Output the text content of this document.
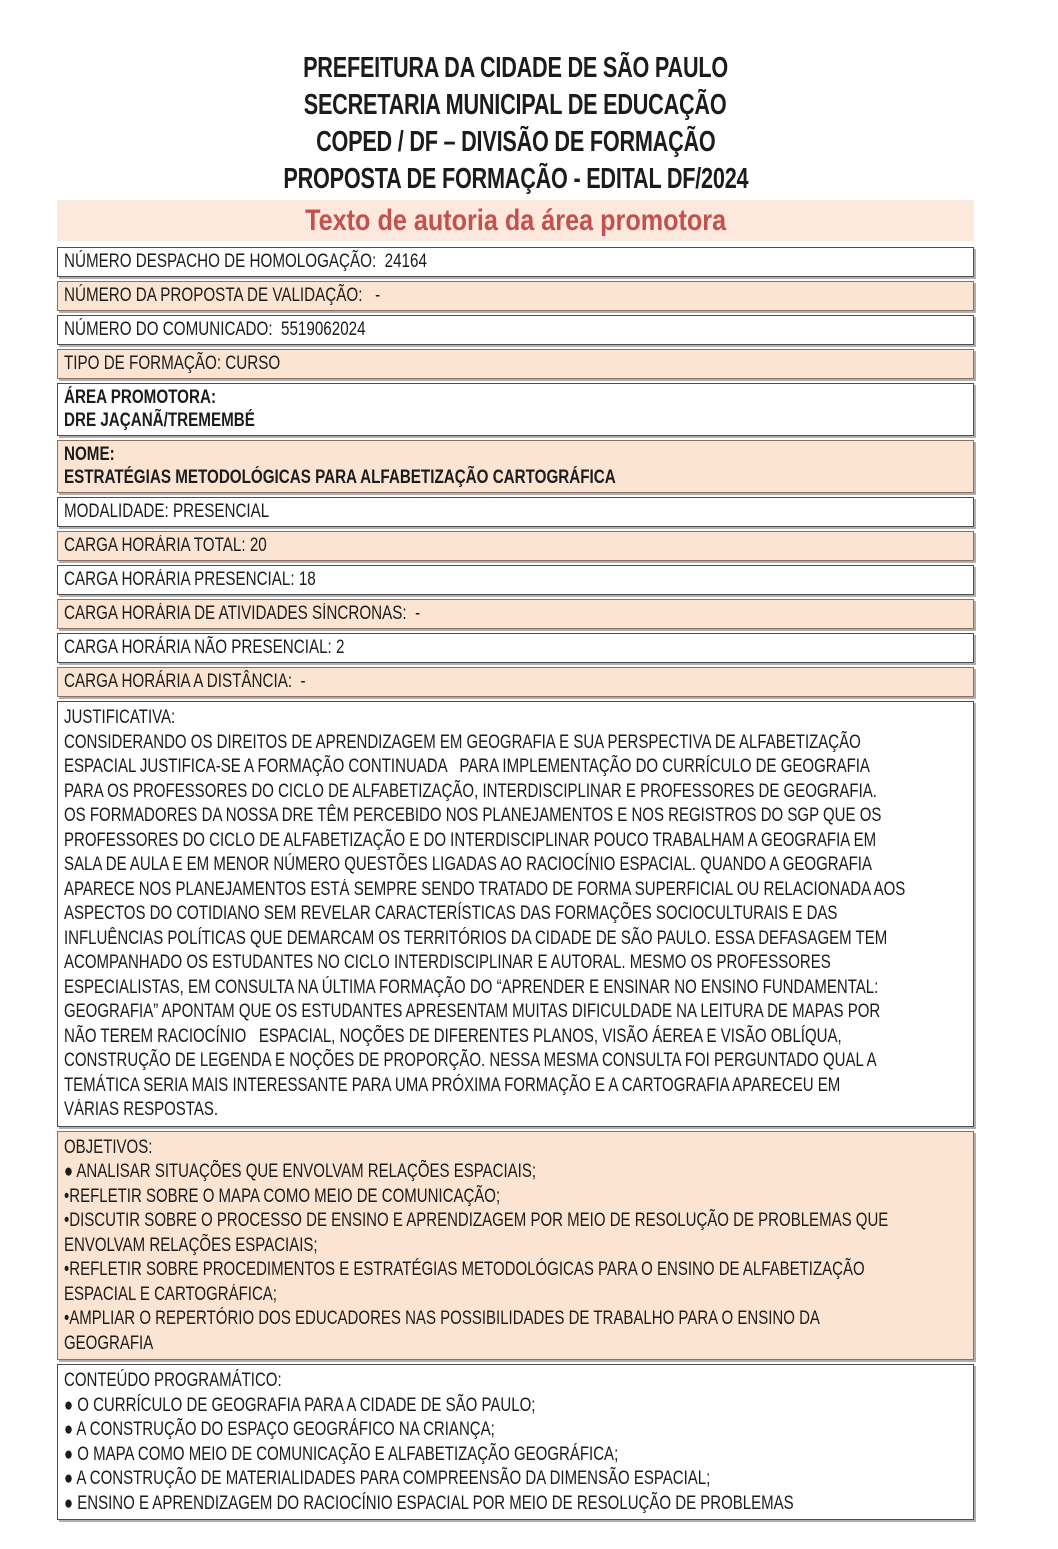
PREFEITURA DA CIDADE DE SÃO PAULO
SECRETARIA MUNICIPAL DE EDUCAÇÃO
COPED / DF – DIVISÃO DE FORMAÇÃO
PROPOSTA DE FORMAÇÃO - EDITAL DF/2024
Texto de autoria da área promotora
NÚMERO DESPACHO DE HOMOLOGAÇÃO:  24164
NÚMERO DA PROPOSTA DE VALIDAÇÃO:   -
NÚMERO DO COMUNICADO:  5519062024
TIPO DE FORMAÇÃO: CURSO
ÁREA PROMOTORA:
DRE JAÇANÃ/TREMEMBÉ
NOME:
ESTRATÉGIAS METODOLÓGICAS PARA ALFABETIZAÇÃO CARTOGRÁFICA
MODALIDADE: PRESENCIAL
CARGA HORÁRIA TOTAL: 20
CARGA HORÁRIA PRESENCIAL: 18
CARGA HORÁRIA DE ATIVIDADES SÍNCRONAS:  -
CARGA HORÁRIA NÃO PRESENCIAL: 2
CARGA HORÁRIA A DISTÂNCIA:  -
JUSTIFICATIVA:
CONSIDERANDO OS DIREITOS DE APRENDIZAGEM EM GEOGRAFIA E SUA PERSPECTIVA DE ALFABETIZAÇÃO
ESPACIAL JUSTIFICA-SE A FORMAÇÃO CONTINUADA   PARA IMPLEMENTAÇÃO DO CURRÍCULO DE GEOGRAFIA
PARA OS PROFESSORES DO CICLO DE ALFABETIZAÇÃO, INTERDISCIPLINAR E PROFESSORES DE GEOGRAFIA.
OS FORMADORES DA NOSSA DRE TÊM PERCEBIDO NOS PLANEJAMENTOS E NOS REGISTROS DO SGP QUE OS
PROFESSORES DO CICLO DE ALFABETIZAÇÃO E DO INTERDISCIPLINAR POUCO TRABALHAM A GEOGRAFIA EM
SALA DE AULA E EM MENOR NÚMERO QUESTÕES LIGADAS AO RACIOCÍNIO ESPACIAL. QUANDO A GEOGRAFIA
APARECE NOS PLANEJAMENTOS ESTÁ SEMPRE SENDO TRATADO DE FORMA SUPERFICIAL OU RELACIONADA AOS
ASPECTOS DO COTIDIANO SEM REVELAR CARACTERÍSTICAS DAS FORMAÇÕES SOCIOCULTURAIS E DAS
INFLUÊNCIAS POLÍTICAS QUE DEMARCAM OS TERRITÓRIOS DA CIDADE DE SÃO PAULO. ESSA DEFASAGEM TEM
ACOMPANHADO OS ESTUDANTES NO CICLO INTERDISCIPLINAR E AUTORAL. MESMO OS PROFESSORES
ESPECIALISTAS, EM CONSULTA NA ÚLTIMA FORMAÇÃO DO “APRENDER E ENSINAR NO ENSINO FUNDAMENTAL:
GEOGRAFIA” APONTAM QUE OS ESTUDANTES APRESENTAM MUITAS DIFICULDADE NA LEITURA DE MAPAS POR
NÃO TEREM RACIOCÍNIO   ESPACIAL, NOÇÕES DE DIFERENTES PLANOS, VISÃO ÁEREA E VISÃO OBLÍQUA,
CONSTRUÇÃO DE LEGENDA E NOÇÕES DE PROPORÇÃO. NESSA MESMA CONSULTA FOI PERGUNTADO QUAL A
TEMÁTICA SERIA MAIS INTERESSANTE PARA UMA PRÓXIMA FORMAÇÃO E A CARTOGRAFIA APARECEU EM
VÁRIAS RESPOSTAS.
OBJETIVOS:
● ANALISAR SITUAÇÕES QUE ENVOLVAM RELAÇÕES ESPACIAIS;
•REFLETIR SOBRE O MAPA COMO MEIO DE COMUNICAÇÃO;
•DISCUTIR SOBRE O PROCESSO DE ENSINO E APRENDIZAGEM POR MEIO DE RESOLUÇÃO DE PROBLEMAS QUE
ENVOLVAM RELAÇÕES ESPACIAIS;
•REFLETIR SOBRE PROCEDIMENTOS E ESTRATÉGIAS METODOLÓGICAS PARA O ENSINO DE ALFABETIZAÇÃO
ESPACIAL E CARTOGRÁFICA;
•AMPLIAR O REPERTÓRIO DOS EDUCADORES NAS POSSIBILIDADES DE TRABALHO PARA O ENSINO DA
GEOGRAFIA
CONTEÚDO PROGRAMÁTICO:
● O CURRÍCULO DE GEOGRAFIA PARA A CIDADE DE SÃO PAULO;
● A CONSTRUÇÃO DO ESPAÇO GEOGRÁFICO NA CRIANÇA;
● O MAPA COMO MEIO DE COMUNICAÇÃO E ALFABETIZAÇÃO GEOGRÁFICA;
● A CONSTRUÇÃO DE MATERIALIDADES PARA COMPREENSÃO DA DIMENSÃO ESPACIAL;
● ENSINO E APRENDIZAGEM DO RACIOCÍNIO ESPACIAL POR MEIO DE RESOLUÇÃO DE PROBLEMAS
